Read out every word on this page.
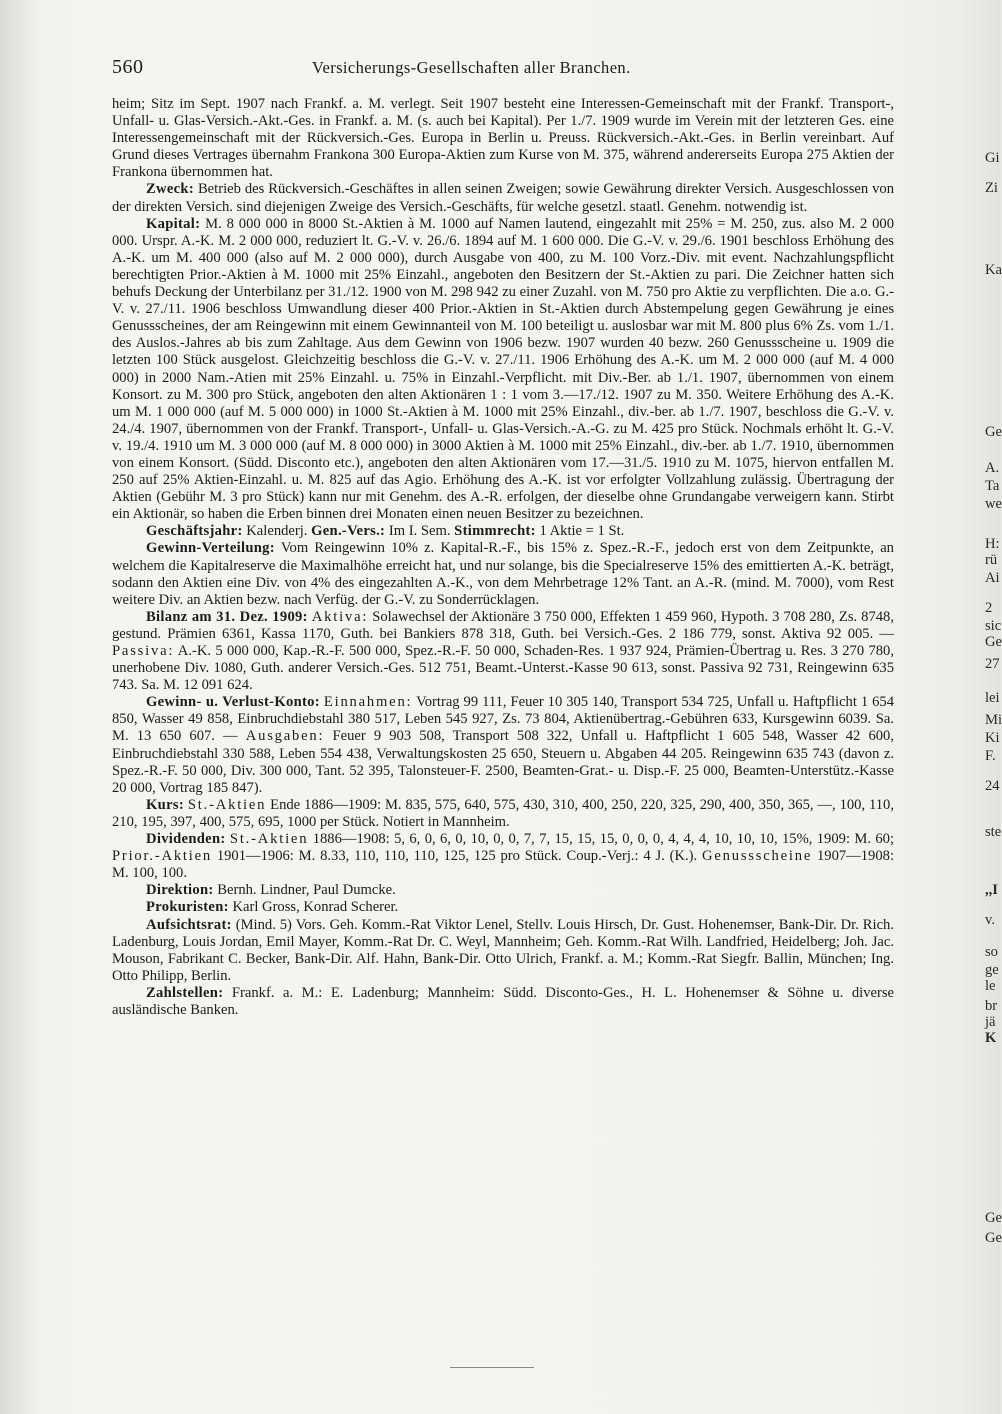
560	Versicherungs-Gesellschaften aller Branchen.

heim; Sitz im Sept. 1907 nach Frankf. a. M. verlegt. Seit 1907 besteht eine Interessen-Gemeinschaft mit der Frankf. Transport-, Unfall- u. Glas-Versich.-Akt.-Ges. in Frankf. a. M. (s. auch bei Kapital). Per 1./7. 1909 wurde im Verein mit der letzteren Ges. eine Interessengemeinschaft mit der Rückversich.-Ges. Europa in Berlin u. Preuss. Rückversich.-Akt.-Ges. in Berlin vereinbart. Auf Grund dieses Vertrages übernahm Frankona 300 Europa-Aktien zum Kurse von M. 375, während andererseits Europa 275 Aktien der Frankona übernommen hat.

Zweck: Betrieb des Rückversich.-Geschäftes in allen seinen Zweigen; sowie Gewährung direkter Versich. Ausgeschlossen von der direkten Versich. sind diejenigen Zweige des Versich.-Geschäfts, für welche gesetzl. staatl. Genehm. notwendig ist.

Kapital: M. 8 000 000 in 8000 St.-Aktien à M. 1000 auf Namen lautend, eingezahlt mit 25% = M. 250, zus. also M. 2 000 000. Urspr. A.-K. M. 2 000 000, reduziert lt. G.-V. v. 26./6. 1894 auf M. 1 600 000. Die G.-V. v. 29./6. 1901 beschloss Erhöhung des A.-K. um M. 400 000 (also auf M. 2 000 000), durch Ausgabe von 400, zu M. 100 Vorz.-Div. mit event. Nachzahlungspflicht berechtigten Prior.-Aktien à M. 1000 mit 25% Einzahl., angeboten den Besitzern der St.-Aktien zu pari. Die Zeichner hatten sich behufs Deckung der Unterbilanz per 31./12. 1900 von M. 298 942 zu einer Zuzahl. von M. 750 pro Aktie zu verpflichten. Die a.o. G.-V. v. 27./11. 1906 beschloss Umwandlung dieser 400 Prior.-Aktien in St.-Aktien durch Abstempelung gegen Gewährung je eines Genussscheines, der am Reingewinn mit einem Gewinnanteil von M. 100 beteiligt u. auslosbar war mit M. 800 plus 6% Zs. vom 1./1. des Auslos.-Jahres ab bis zum Zahltage. Aus dem Gewinn von 1906 bezw. 1907 wurden 40 bezw. 260 Genussscheine u. 1909 die letzten 100 Stück ausgelost. Gleichzeitig beschloss die G.-V. v. 27./11. 1906 Erhöhung des A.-K. um M. 2 000 000 (auf M. 4 000 000) in 2000 Nam.-Atien mit 25% Einzahl. u. 75% in Einzahl.-Verpflicht. mit Div.-Ber. ab 1./1. 1907, übernommen von einem Konsort. zu M. 300 pro Stück, angeboten den alten Aktionären 1 : 1 vom 3.—17./12. 1907 zu M. 350. Weitere Erhöhung des A.-K. um M. 1 000 000 (auf M. 5 000 000) in 1000 St.-Aktien à M. 1000 mit 25% Einzahl., div.-ber. ab 1./7. 1907, beschloss die G.-V. v. 24./4. 1907, übernommen von der Frankf. Transport-, Unfall- u. Glas-Versich.-A.-G. zu M. 425 pro Stück. Nochmals erhöht lt. G.-V. v. 19./4. 1910 um M. 3 000 000 (auf M. 8 000 000) in 3000 Aktien à M. 1000 mit 25% Einzahl., div.-ber. ab 1./7. 1910, übernommen von einem Konsort. (Südd. Disconto etc.), angeboten den alten Aktionären vom 17.—31./5. 1910 zu M. 1075, hiervon entfallen M. 250 auf 25% Aktien-Einzahl. u. M. 825 auf das Agio. Erhöhung des A.-K. ist vor erfolgter Vollzahlung zulässig. Übertragung der Aktien (Gebühr M. 3 pro Stück) kann nur mit Genehm. des A.-R. erfolgen, der dieselbe ohne Grundangabe verweigern kann. Stirbt ein Aktionär, so haben die Erben binnen drei Monaten einen neuen Besitzer zu bezeichnen.

Geschäftsjahr: Kalenderj. Gen.-Vers.: Im I. Sem. Stimmrecht: 1 Aktie = 1 St.

Gewinn-Verteilung: Vom Reingewinn 10% z. Kapital-R.-F., bis 15% z. Spez.-R.-F., jedoch erst von dem Zeitpunkte, an welchem die Kapitalreserve die Maximalhöhe erreicht hat, und nur solange, bis die Specialreserve 15% des emittierten A.-K. beträgt, sodann den Aktien eine Div. von 4% des eingezahlten A.-K., von dem Mehrbetrage 12% Tant. an A.-R. (mind. M. 7000), vom Rest weitere Div. an Aktien bezw. nach Verfüg. der G.-V. zu Sonderrücklagen.

Bilanz am 31. Dez. 1909: Aktiva: Solawechsel der Aktionäre 3 750 000, Effekten 1 459 960, Hypoth. 3 708 280, Zs. 8748, gestund. Prämien 6361, Kassa 1170, Guth. bei Bankiers 878 318, Guth. bei Versich.-Ges. 2 186 779, sonst. Aktiva 92 005. — Passiva: A.-K. 5 000 000, Kap.-R.-F. 500 000, Spez.-R.-F. 50 000, Schaden-Res. 1 937 924, Prämien-Übertrag u. Res. 3 270 780, unerhobene Div. 1080, Guth. anderer Versich.-Ges. 512 751, Beamt.-Unterst.-Kasse 90 613, sonst. Passiva 92 731, Reingewinn 635 743. Sa. M. 12 091 624.

Gewinn- u. Verlust-Konto: Einnahmen: Vortrag 99 111, Feuer 10 305 140, Transport 534 725, Unfall u. Haftpflicht 1 654 850, Wasser 49 858, Einbruchdiebstahl 380 517, Leben 545 927, Zs. 73 804, Aktienübertrag.-Gebühren 633, Kursgewinn 6039. Sa. M. 13 650 607. — Ausgaben: Feuer 9 903 508, Transport 508 322, Unfall u. Haftpflicht 1 605 548, Wasser 42 600, Einbruchdiebstahl 330 588, Leben 554 438, Verwaltungskosten 25 650, Steuern u. Abgaben 44 205. Reingewinn 635 743 (davon z. Spez.-R.-F. 50 000, Div. 300 000, Tant. 52 395, Talonsteuer-F. 2500, Beamten-Grat.- u. Disp.-F. 25 000, Beamten-Unterstütz.-Kasse 20 000, Vortrag 185 847).

Kurs: St.-Aktien Ende 1886—1909: M. 835, 575, 640, 575, 430, 310, 400, 250, 220, 325, 290, 400, 350, 365, —, 100, 110, 210, 195, 397, 400, 575, 695, 1000 per Stück. Notiert in Mannheim.

Dividenden: St.-Aktien 1886—1908: 5, 6, 0, 6, 0, 10, 0, 0, 7, 7, 15, 15, 15, 0, 0, 0, 4, 4, 4, 10, 10, 10, 15%, 1909: M. 60; Prior.-Aktien 1901—1906: M. 8.33, 110, 110, 110, 125, 125 pro Stück. Coup.-Verj.: 4 J. (K.). Genussscheine 1907—1908: M. 100, 100.

Direktion: Bernh. Lindner, Paul Dumcke.

Prokuristen: Karl Gross, Konrad Scherer.

Aufsichtsrat: (Mind. 5) Vors. Geh. Komm.-Rat Viktor Lenel, Stellv. Louis Hirsch, Dr. Gust. Hohenemser, Bank-Dir. Dr. Rich. Ladenburg, Louis Jordan, Emil Mayer, Komm.-Rat Dr. C. Weyl, Mannheim; Geh. Komm.-Rat Wilh. Landfried, Heidelberg; Joh. Jac. Mouson, Fabrikant C. Becker, Bank-Dir. Alf. Hahn, Bank-Dir. Otto Ulrich, Frankf. a. M.; Komm.-Rat Siegfr. Ballin, München; Ing. Otto Philipp, Berlin.

Zahlstellen: Frankf. a. M.: E. Ladenburg; Mannheim: Südd. Disconto-Ges., H. L. Hohenemser & Söhne u. diverse ausländische Banken.

Gi
Zi
Ka
Ge
A.
Ta
we
H:
rü
Ai
2
sic
Ge
27
lei
Mi
Ki
F.
24
ste
,,I
v.
so
ge
le
br
jä
K
Ge
Ge
